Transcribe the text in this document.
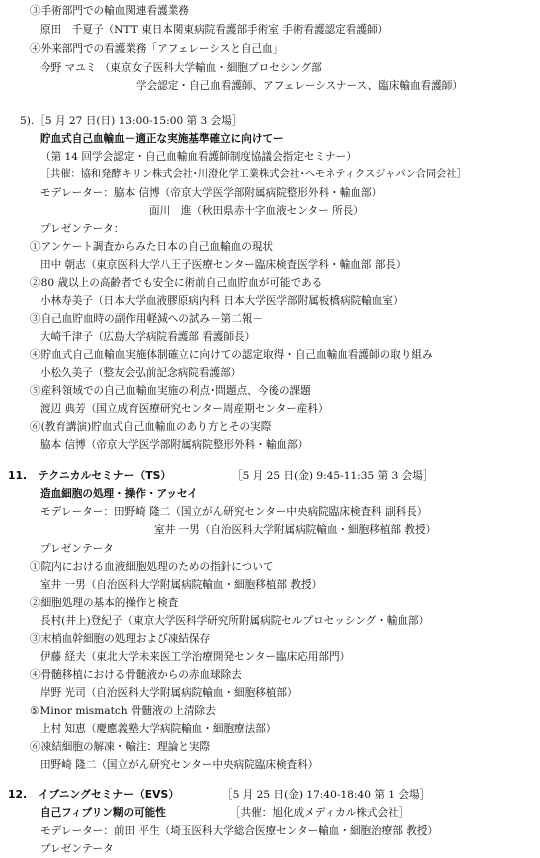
③手術部門での輸血関連看護業務
原田　千夏子（NTT 東日本関東病院看護部手術室 手術看護認定看護師）
④外来部門での看護業務「アフェレーシスと自己血」
今野 マユミ （東京女子医科大学輸血・細胞プロセシング部
学会認定・自己血看護師、アフェレーシスナース、臨床輸血看護師）
5).［5 月 27 日(日) 13:00-15:00 第 3 会場］
貯血式自己血輸血－適正な実施基準確立に向けてー
（第 14 回学会認定・自己血輸血看護師制度協議会指定セミナー）
［共催：協和発酵キリン株式会社･川澄化学工業株式会社･ヘモネティクスジャパン合同会社］
モデレーター：脇本 信博（帝京大学医学部附属病院整形外科・輸血部）
面川　進（秋田県赤十字血液センター 所長）
プレゼンテータ：
①アンケート調査からみた日本の自己血輸血の現状
田中 朝志（東京医科大学八王子医療センター臨床検査医学科・輸血部 部長）
②80 歳以上の高齢者でも安全に術前自己血貯血が可能である
小林寿美子（日本大学血液膠原病内科 日本大学医学部附属板橋病院輸血室）
③自己血貯血時の副作用軽減への試み－第二報－
大崎千津子（広島大学病院看護部 看護師長）
④貯血式自己血輸血実施体制確立に向けての認定取得・自己血輸血看護師の取り組み
小松久美子（整友会弘前記念病院看護部）
⑤産科領域での自己血輸血実施の利点･問題点、今後の課題
渡辺 典芳（国立成育医療研究センター周産期センター産科）
⑥(教育講演)貯血式自己血輸血のあり方とその実際
脇本 信博（帝京大学医学部附属病院整形外科・輸血部）
11.　テクニカルセミナー（TS）	［5 月 25 日(金) 9:45-11:35 第 3 会場］
造血細胞の処理・操作・アッセイ
モデレーター：田野崎 隆二（国立がん研究センター中央病院臨床検査科 副科長）
室井 一男（自治医科大学附属病院輸血・細胞移植部 教授）
プレゼンテータ
①院内における血液細胞処理のための指針について
室井 一男（自治医科大学附属病院輸血・細胞移植部 教授）
②細胞処理の基本的操作と検査
長村(井上)登紀子（東京大学医科学研究所附属病院セルプロセッシング・輸血部）
③末梢血幹細胞の処理および凍結保存
伊藤 経夫（東北大学未来医工学治療開発センター臨床応用部門）
④骨髄移植における骨髄液からの赤血球除去
岸野 光司（自治医科大学附属病院輸血・細胞移植部）
⑤Minor mismatch 骨髄液の上清除去
上村 知恵（慶應義塾大学病院輸血・細胞療法部）
⑥凍結細胞の解凍・輸注：理論と実際
田野崎 隆二（国立がん研究センター中央病院臨床検査科）
12.　イブニングセミナー（EVS）	［5 月 25 日(金) 17:40-18:40 第 1 会場］
自己フィブリン糊の可能性	［共催：旭化成メディカル株式会社］
モデレーター：前田 平生（埼玉医科大学総合医療センター輸血・細胞治療部 教授）
プレゼンテータ
